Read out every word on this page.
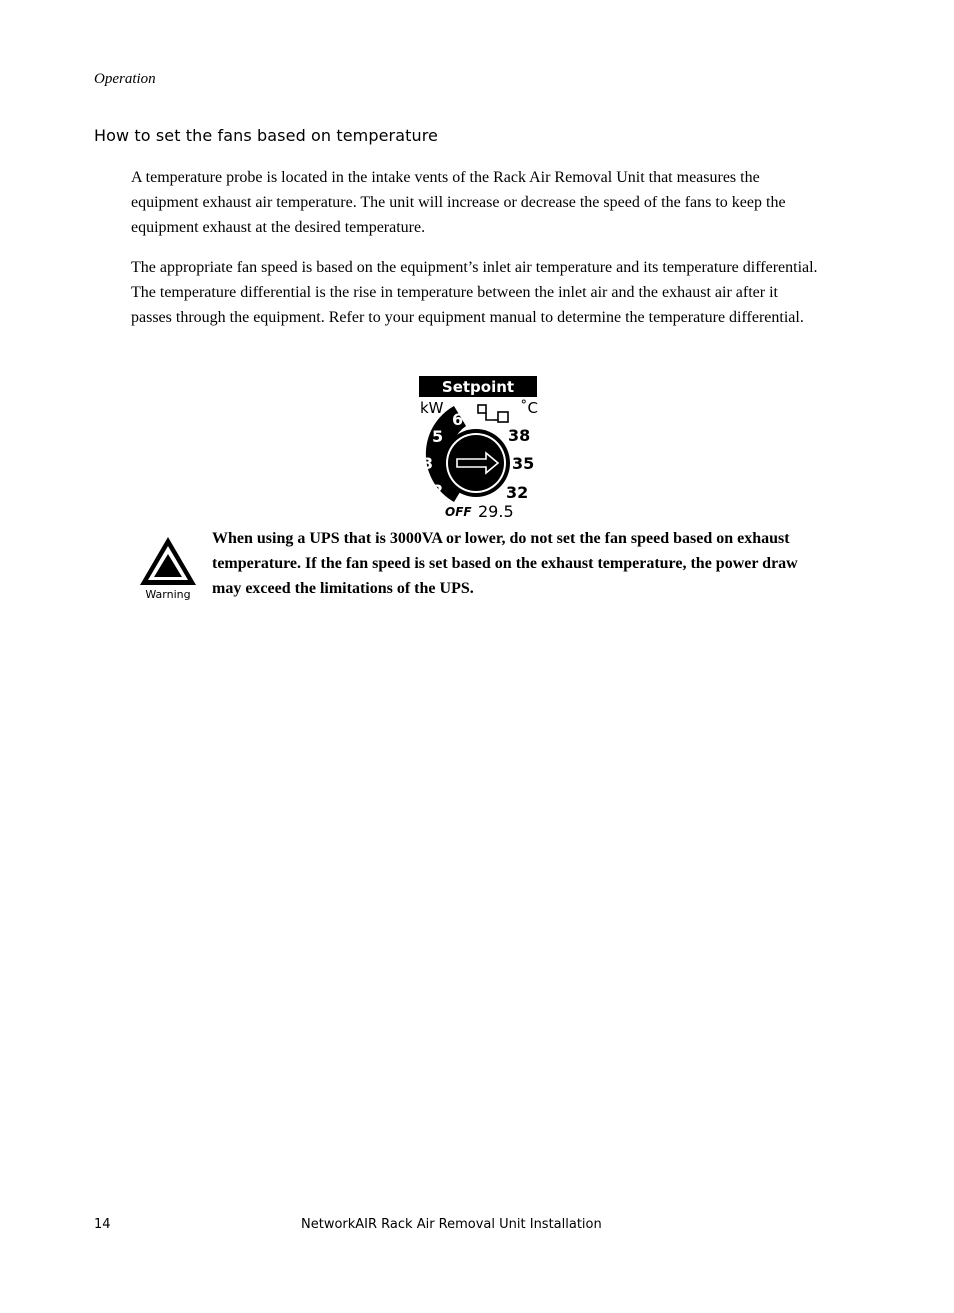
Operation
How to set the fans based on temperature

A temperature probe is located in the intake vents of the Rack Air Removal Unit that measures the equipment exhaust air temperature. The unit will increase or decrease the speed of the fans to keep the equipment exhaust at the desired temperature.

The appropriate fan speed is based on the equipment’s inlet air temperature and its temperature differential. The temperature differential is the rise in temperature between the inlet air and the exhaust air after it passes through the equipment. Refer to your equipment manual to determine the temperature differential.

Setpoint
kW	˚C
6
5
3
2
38
35
32
OFF 29.5
Warning

When using a UPS that is 3000VA or lower, do not set the fan speed based on exhaust temperature. If the fan speed is set based on the exhaust temperature, the power draw may exceed the limitations of the UPS.

14	NetworkAIR Rack Air Removal Unit Installation
